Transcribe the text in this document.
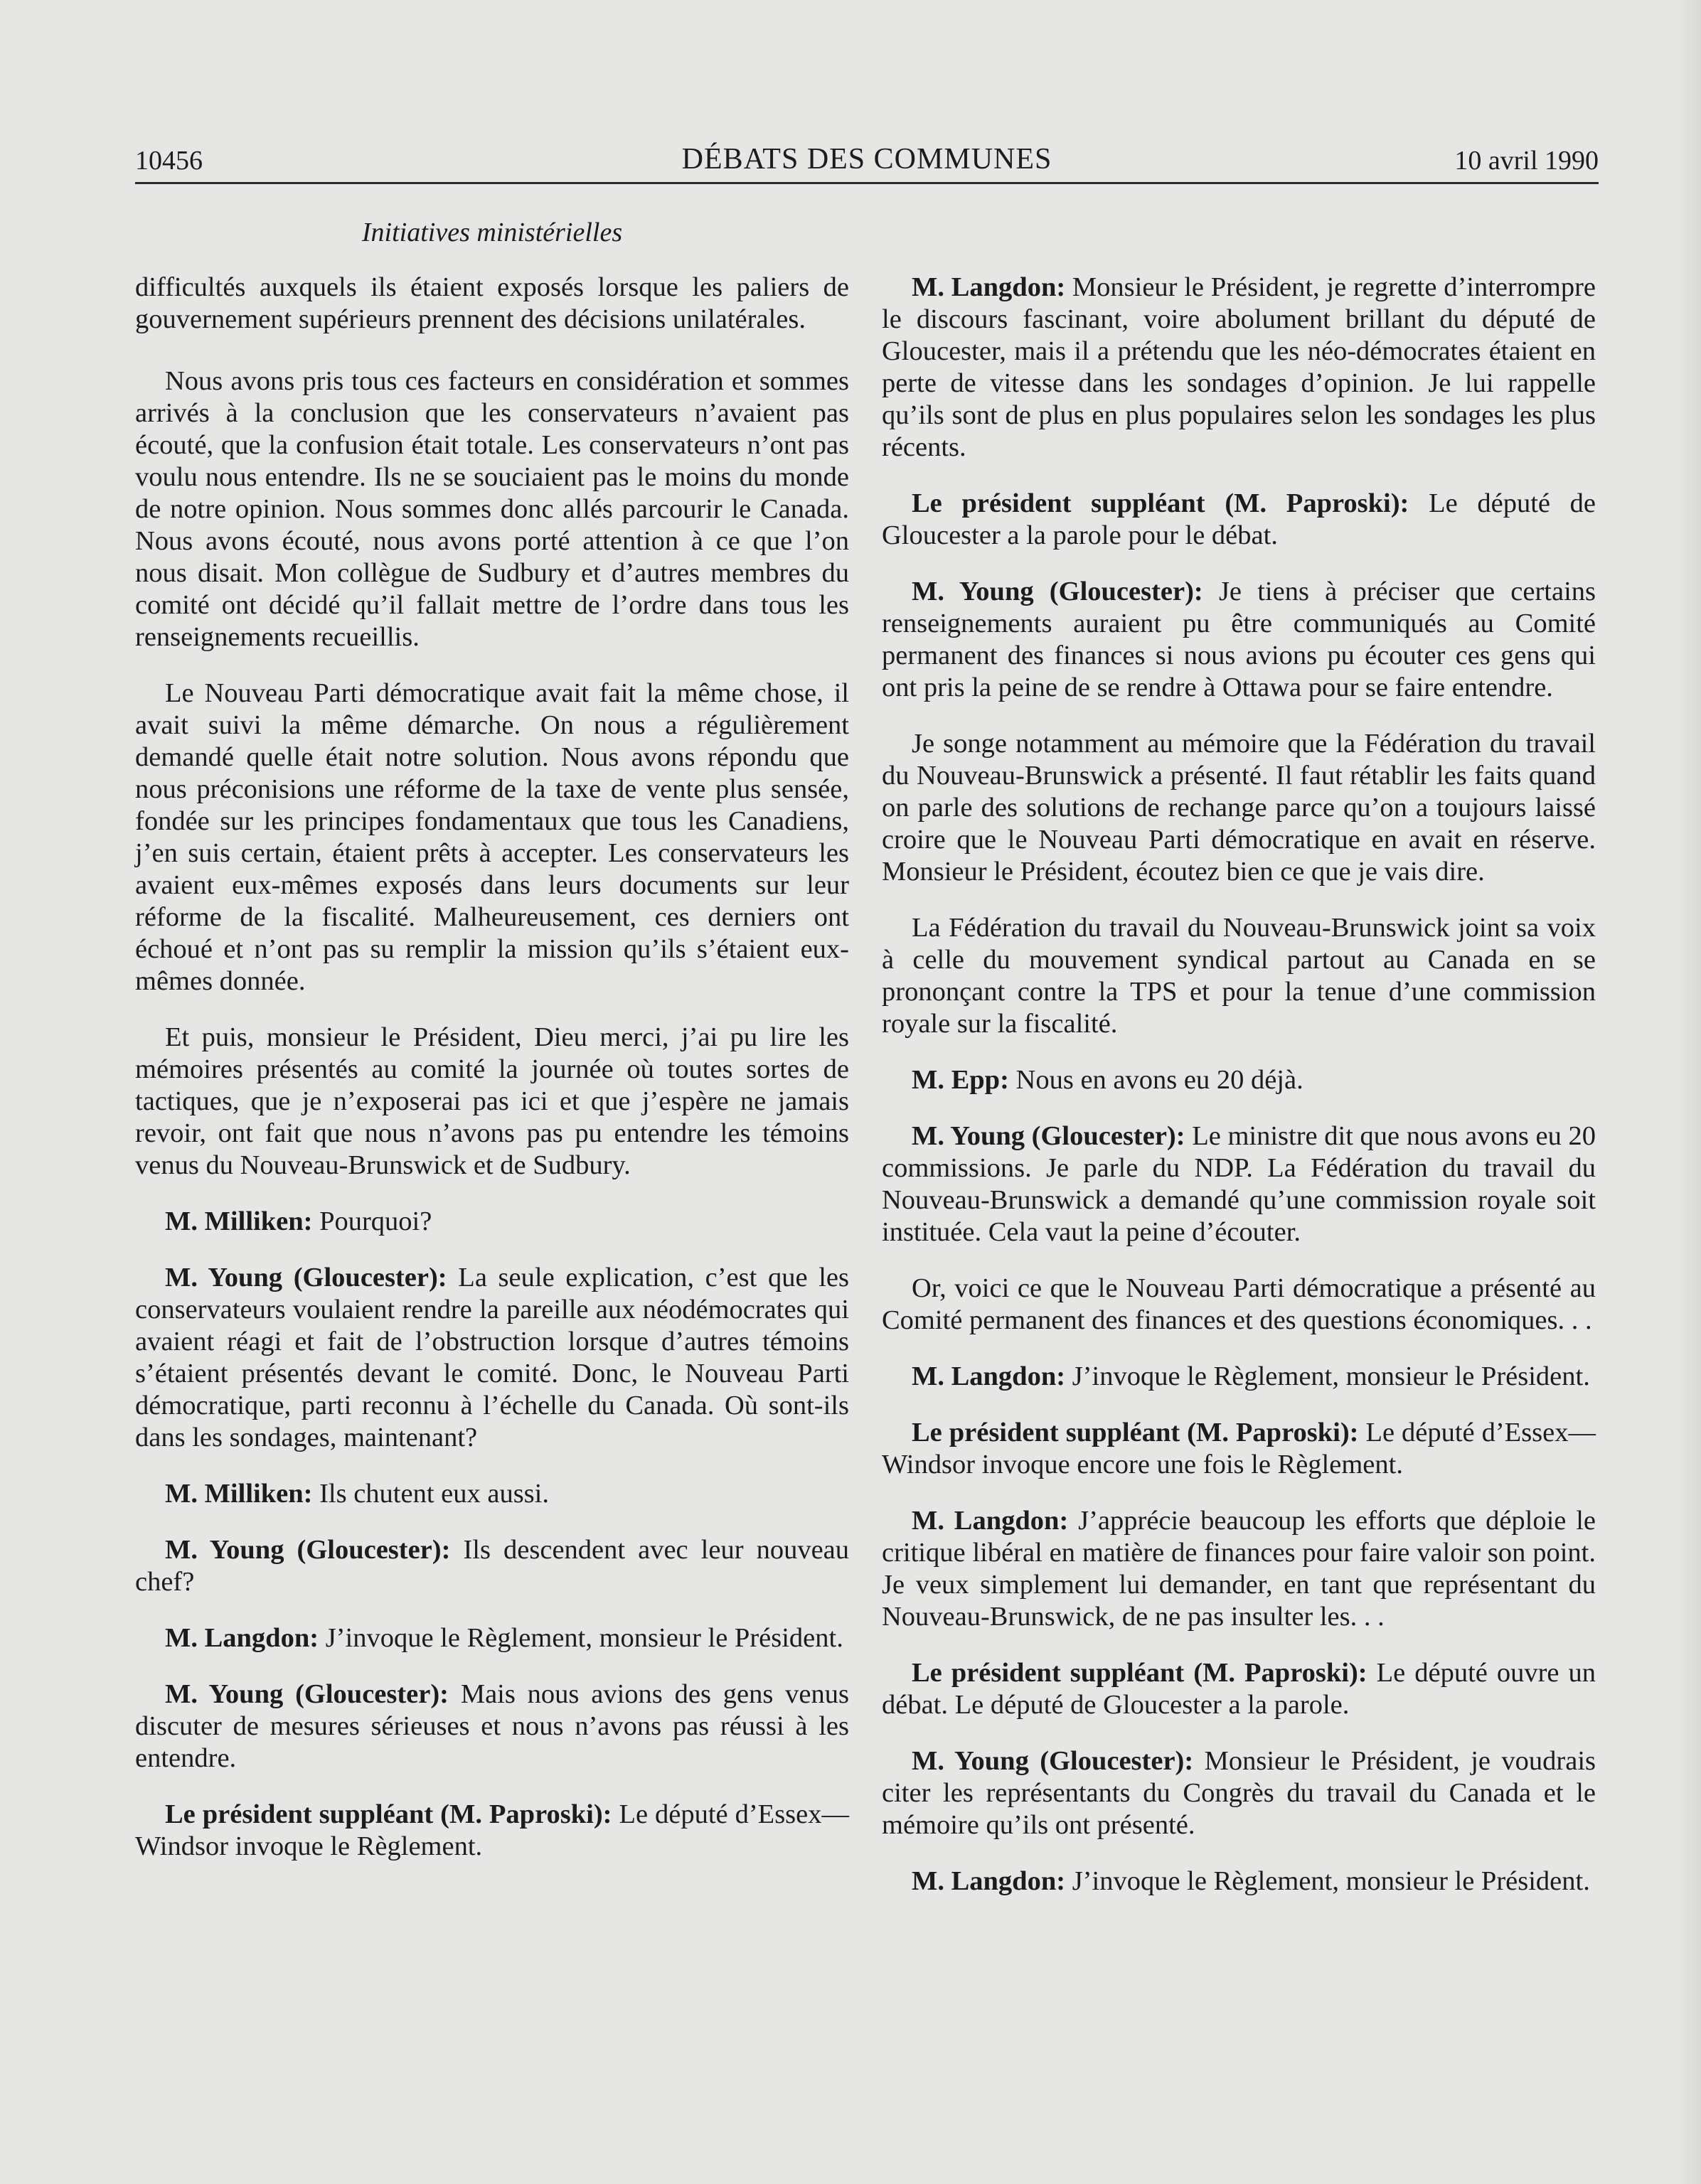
10456	DÉBATS DES COMMUNES	10 avril 1990
Initiatives ministérielles

difficultés auxquels ils étaient exposés lorsque les paliers de gouvernement supérieurs prennent des décisions unilatérales.

Nous avons pris tous ces facteurs en considération et sommes arrivés à la conclusion que les conservateurs n’avaient pas écouté, que la confusion était totale. Les conservateurs n’ont pas voulu nous entendre. Ils ne se souciaient pas le moins du monde de notre opinion. Nous sommes donc allés parcourir le Canada. Nous avons écouté, nous avons porté attention à ce que l’on nous disait. Mon collègue de Sudbury et d’autres membres du comité ont décidé qu’il fallait mettre de l’ordre dans tous les renseignements recueillis.

Le Nouveau Parti démocratique avait fait la même chose, il avait suivi la même démarche. On nous a régulièrement demandé quelle était notre solution. Nous avons répondu que nous préconisions une réforme de la taxe de vente plus sensée, fondée sur les principes fondamentaux que tous les Canadiens, j’en suis certain, étaient prêts à accepter. Les conservateurs les avaient eux-mêmes exposés dans leurs documents sur leur réforme de la fiscalité. Malheureusement, ces derniers ont échoué et n’ont pas su remplir la mission qu’ils s’étaient eux-mêmes donnée.

Et puis, monsieur le Président, Dieu merci, j’ai pu lire les mémoires présentés au comité la journée où toutes sortes de tactiques, que je n’exposerai pas ici et que j’espère ne jamais revoir, ont fait que nous n’avons pas pu entendre les témoins venus du Nouveau-Brunswick et de Sudbury.

M. Milliken: Pourquoi?

M. Young (Gloucester): La seule explication, c’est que les conservateurs voulaient rendre la pareille aux néodémocrates qui avaient réagi et fait de l’obstruction lorsque d’autres témoins s’étaient présentés devant le comité. Donc, le Nouveau Parti démocratique, parti reconnu à l’échelle du Canada. Où sont-ils dans les sondages, maintenant?

M. Milliken: Ils chutent eux aussi.

M. Young (Gloucester): Ils descendent avec leur nouveau chef?

M. Langdon: J’invoque le Règlement, monsieur le Président.

M. Young (Gloucester): Mais nous avions des gens venus discuter de mesures sérieuses et nous n’avons pas réussi à les entendre.

Le président suppléant (M. Paproski): Le député d’Essex—Windsor invoque le Règlement.

M. Langdon: Monsieur le Président, je regrette d’interrompre le discours fascinant, voire abolument brillant du député de Gloucester, mais il a prétendu que les néo-démocrates étaient en perte de vitesse dans les sondages d’opinion. Je lui rappelle qu’ils sont de plus en plus populaires selon les sondages les plus récents.

Le président suppléant (M. Paproski): Le député de Gloucester a la parole pour le débat.

M. Young (Gloucester): Je tiens à préciser que certains renseignements auraient pu être communiqués au Comité permanent des finances si nous avions pu écouter ces gens qui ont pris la peine de se rendre à Ottawa pour se faire entendre.

Je songe notamment au mémoire que la Fédération du travail du Nouveau-Brunswick a présenté. Il faut rétablir les faits quand on parle des solutions de rechange parce qu’on a toujours laissé croire que le Nouveau Parti démocratique en avait en réserve. Monsieur le Président, écoutez bien ce que je vais dire.

La Fédération du travail du Nouveau-Brunswick joint sa voix à celle du mouvement syndical partout au Canada en se prononçant contre la TPS et pour la tenue d’une commission royale sur la fiscalité.

M. Epp: Nous en avons eu 20 déjà.

M. Young (Gloucester): Le ministre dit que nous avons eu 20 commissions. Je parle du NDP. La Fédération du travail du Nouveau-Brunswick a demandé qu’une commission royale soit instituée. Cela vaut la peine d’écouter.

Or, voici ce que le Nouveau Parti démocratique a présenté au Comité permanent des finances et des questions économiques. . .

M. Langdon: J’invoque le Règlement, monsieur le Président.

Le président suppléant (M. Paproski): Le député d’Essex—Windsor invoque encore une fois le Règlement.

M. Langdon: J’apprécie beaucoup les efforts que déploie le critique libéral en matière de finances pour faire valoir son point. Je veux simplement lui demander, en tant que représentant du Nouveau-Brunswick, de ne pas insulter les. . .

Le président suppléant (M. Paproski): Le député ouvre un débat. Le député de Gloucester a la parole.

M. Young (Gloucester): Monsieur le Président, je voudrais citer les représentants du Congrès du travail du Canada et le mémoire qu’ils ont présenté.

M. Langdon: J’invoque le Règlement, monsieur le Président.
